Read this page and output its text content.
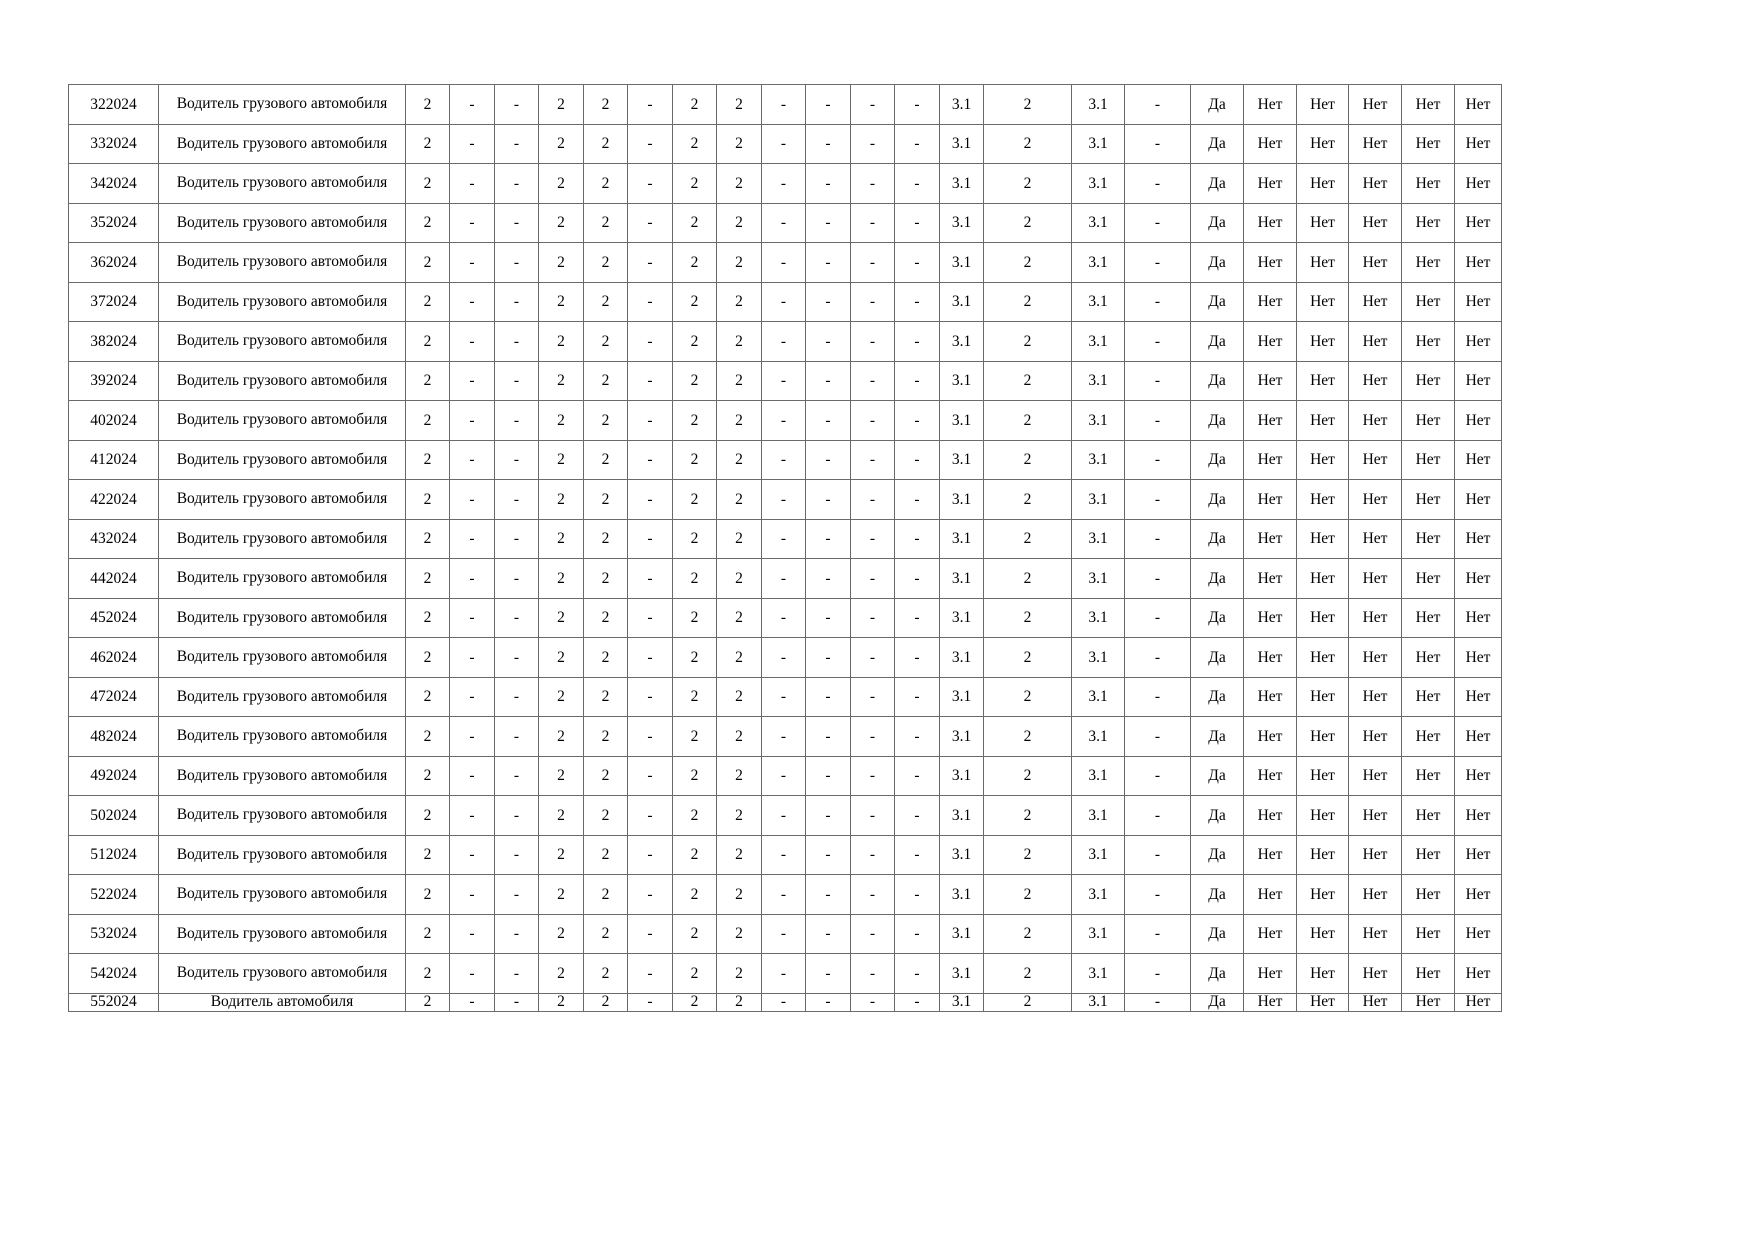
322024	Водитель грузового автомобиля	2	-	-	2	2	-	2	2	-	-	-	-	3.1	2	3.1	-	Да	Нет	Нет	Нет	Нет	Нет
332024	Водитель грузового автомобиля	2	-	-	2	2	-	2	2	-	-	-	-	3.1	2	3.1	-	Да	Нет	Нет	Нет	Нет	Нет
342024	Водитель грузового автомобиля	2	-	-	2	2	-	2	2	-	-	-	-	3.1	2	3.1	-	Да	Нет	Нет	Нет	Нет	Нет
352024	Водитель грузового автомобиля	2	-	-	2	2	-	2	2	-	-	-	-	3.1	2	3.1	-	Да	Нет	Нет	Нет	Нет	Нет
362024	Водитель грузового автомобиля	2	-	-	2	2	-	2	2	-	-	-	-	3.1	2	3.1	-	Да	Нет	Нет	Нет	Нет	Нет
372024	Водитель грузового автомобиля	2	-	-	2	2	-	2	2	-	-	-	-	3.1	2	3.1	-	Да	Нет	Нет	Нет	Нет	Нет
382024	Водитель грузового автомобиля	2	-	-	2	2	-	2	2	-	-	-	-	3.1	2	3.1	-	Да	Нет	Нет	Нет	Нет	Нет
392024	Водитель грузового автомобиля	2	-	-	2	2	-	2	2	-	-	-	-	3.1	2	3.1	-	Да	Нет	Нет	Нет	Нет	Нет
402024	Водитель грузового автомобиля	2	-	-	2	2	-	2	2	-	-	-	-	3.1	2	3.1	-	Да	Нет	Нет	Нет	Нет	Нет
412024	Водитель грузового автомобиля	2	-	-	2	2	-	2	2	-	-	-	-	3.1	2	3.1	-	Да	Нет	Нет	Нет	Нет	Нет
422024	Водитель грузового автомобиля	2	-	-	2	2	-	2	2	-	-	-	-	3.1	2	3.1	-	Да	Нет	Нет	Нет	Нет	Нет
432024	Водитель грузового автомобиля	2	-	-	2	2	-	2	2	-	-	-	-	3.1	2	3.1	-	Да	Нет	Нет	Нет	Нет	Нет
442024	Водитель грузового автомобиля	2	-	-	2	2	-	2	2	-	-	-	-	3.1	2	3.1	-	Да	Нет	Нет	Нет	Нет	Нет
452024	Водитель грузового автомобиля	2	-	-	2	2	-	2	2	-	-	-	-	3.1	2	3.1	-	Да	Нет	Нет	Нет	Нет	Нет
462024	Водитель грузового автомобиля	2	-	-	2	2	-	2	2	-	-	-	-	3.1	2	3.1	-	Да	Нет	Нет	Нет	Нет	Нет
472024	Водитель грузового автомобиля	2	-	-	2	2	-	2	2	-	-	-	-	3.1	2	3.1	-	Да	Нет	Нет	Нет	Нет	Нет
482024	Водитель грузового автомобиля	2	-	-	2	2	-	2	2	-	-	-	-	3.1	2	3.1	-	Да	Нет	Нет	Нет	Нет	Нет
492024	Водитель грузового автомобиля	2	-	-	2	2	-	2	2	-	-	-	-	3.1	2	3.1	-	Да	Нет	Нет	Нет	Нет	Нет
502024	Водитель грузового автомобиля	2	-	-	2	2	-	2	2	-	-	-	-	3.1	2	3.1	-	Да	Нет	Нет	Нет	Нет	Нет
512024	Водитель грузового автомобиля	2	-	-	2	2	-	2	2	-	-	-	-	3.1	2	3.1	-	Да	Нет	Нет	Нет	Нет	Нет
522024	Водитель грузового автомобиля	2	-	-	2	2	-	2	2	-	-	-	-	3.1	2	3.1	-	Да	Нет	Нет	Нет	Нет	Нет
532024	Водитель грузового автомобиля	2	-	-	2	2	-	2	2	-	-	-	-	3.1	2	3.1	-	Да	Нет	Нет	Нет	Нет	Нет
542024	Водитель грузового автомобиля	2	-	-	2	2	-	2	2	-	-	-	-	3.1	2	3.1	-	Да	Нет	Нет	Нет	Нет	Нет
552024	Водитель автомобиля	2	-	-	2	2	-	2	2	-	-	-	-	3.1	2	3.1	-	Да	Нет	Нет	Нет	Нет	Нет
